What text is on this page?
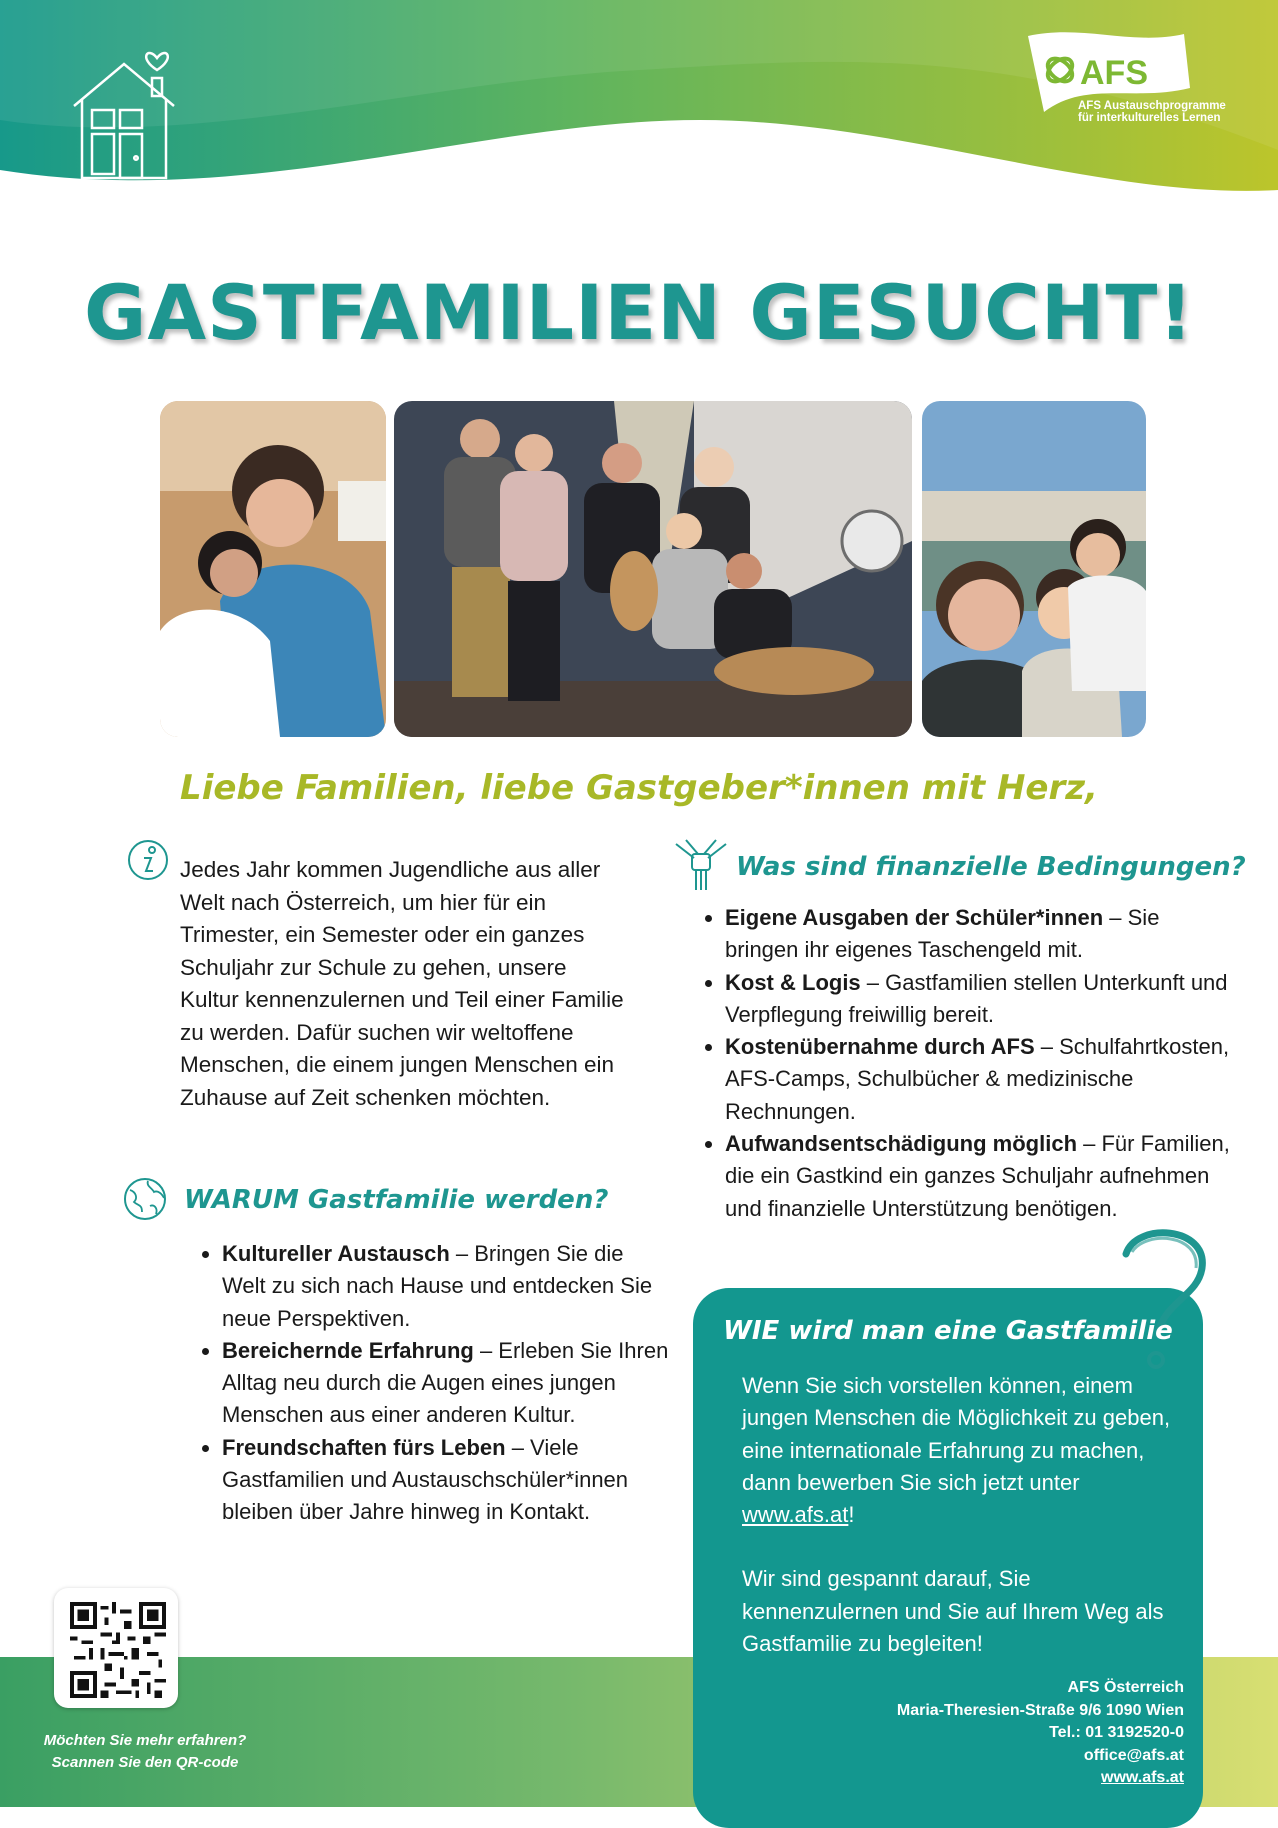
AFS
AFS Austauschprogramme
für interkulturelles Lernen
GASTFAMILIEN GESUCHT!
Liebe Familien, liebe Gastgeber*innen mit Herz,
Jedes Jahr kommen Jugendliche aus aller Welt nach Österreich, um hier für ein Trimester, ein Semester oder ein ganzes Schuljahr zur Schule zu gehen, unsere Kultur kennenzulernen und Teil einer Familie zu werden. Dafür suchen wir weltoffene Menschen, die einem jungen Menschen ein Zuhause auf Zeit schenken möchten.
WARUM Gastfamilie werden?
• Kultureller Austausch – Bringen Sie die Welt zu sich nach Hause und entdecken Sie neue Perspektiven.
• Bereichernde Erfahrung – Erleben Sie Ihren Alltag neu durch die Augen eines jungen Menschen aus einer anderen Kultur.
• Freundschaften fürs Leben – Viele Gastfamilien und Austauschschüler*innen bleiben über Jahre hinweg in Kontakt.
Was sind finanzielle Bedingungen?
• Eigene Ausgaben der Schüler*innen – Sie bringen ihr eigenes Taschengeld mit.
• Kost & Logis – Gastfamilien stellen Unterkunft und Verpflegung freiwillig bereit.
• Kostenübernahme durch AFS – Schulfahrtkosten, AFS-Camps, Schulbücher & medizinische Rechnungen.
• Aufwandsentschädigung möglich – Für Familien, die ein Gastkind ein ganzes Schuljahr aufnehmen und finanzielle Unterstützung benötigen.
Möchten Sie mehr erfahren?
Scannen Sie den QR-code
WIE wird man eine Gastfamilie

Wenn Sie sich vorstellen können, einem jungen Menschen die Möglichkeit zu geben, eine internationale Erfahrung zu machen, dann bewerben Sie sich jetzt unter www.afs.at!

Wir sind gespannt darauf, Sie kennenzulernen und Sie auf Ihrem Weg als Gastfamilie zu begleiten!

AFS Österreich
Maria-Theresien-Straße 9/6 1090 Wien
Tel.: 01 3192520-0
office@afs.at
www.afs.at
